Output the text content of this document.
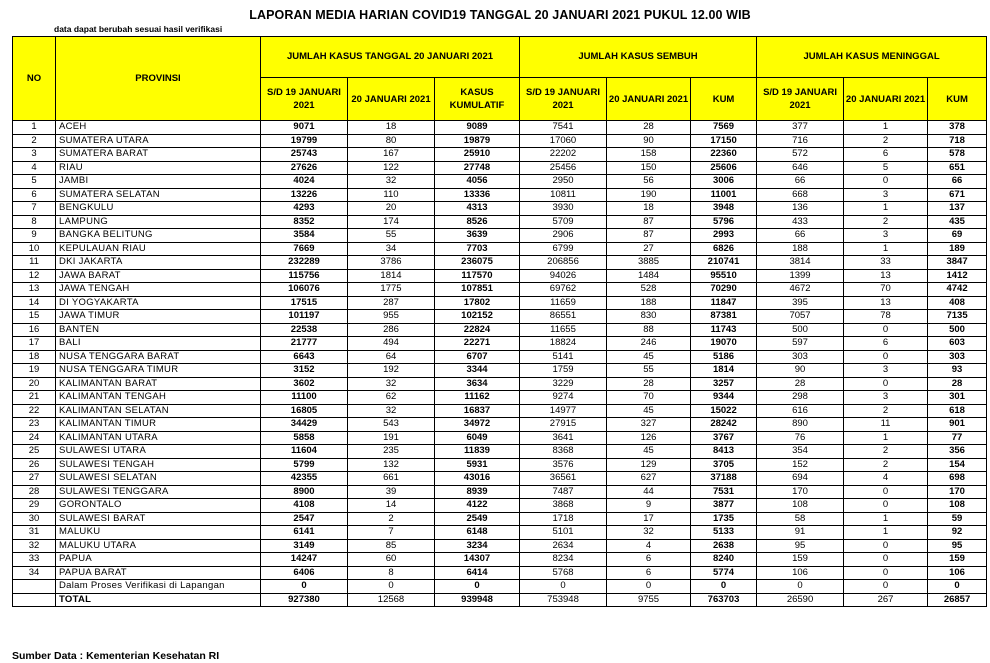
LAPORAN MEDIA HARIAN COVID19 TANGGAL 20 JANUARI 2021 PUKUL 12.00 WIB
data dapat berubah sesuai hasil verifikasi
NO	PROVINSI	JUMLAH KASUS TANGGAL 20 JANUARI 2021			JUMLAH KASUS SEMBUH			JUMLAH KASUS MENINGGAL		
		S/D 19 JANUARI 2021	20 JANUARI 2021	KASUS KUMULATIF	S/D 19 JANUARI 2021	20 JANUARI 2021	KUM	S/D 19 JANUARI 2021	20 JANUARI 2021	KUM
1	ACEH	9071	18	9089	7541	28	7569	377	1	378
2	SUMATERA UTARA	19799	80	19879	17060	90	17150	716	2	718
3	SUMATERA BARAT	25743	167	25910	22202	158	22360	572	6	578
4	RIAU	27626	122	27748	25456	150	25606	646	5	651
5	JAMBI	4024	32	4056	2950	56	3006	66	0	66
6	SUMATERA SELATAN	13226	110	13336	10811	190	11001	668	3	671
7	BENGKULU	4293	20	4313	3930	18	3948	136	1	137
8	LAMPUNG	8352	174	8526	5709	87	5796	433	2	435
9	BANGKA BELITUNG	3584	55	3639	2906	87	2993	66	3	69
10	KEPULAUAN RIAU	7669	34	7703	6799	27	6826	188	1	189
11	DKI JAKARTA	232289	3786	236075	206856	3885	210741	3814	33	3847
12	JAWA BARAT	115756	1814	117570	94026	1484	95510	1399	13	1412
13	JAWA TENGAH	106076	1775	107851	69762	528	70290	4672	70	4742
14	DI YOGYAKARTA	17515	287	17802	11659	188	11847	395	13	408
15	JAWA TIMUR	101197	955	102152	86551	830	87381	7057	78	7135
16	BANTEN	22538	286	22824	11655	88	11743	500	0	500
17	BALI	21777	494	22271	18824	246	19070	597	6	603
18	NUSA TENGGARA BARAT	6643	64	6707	5141	45	5186	303	0	303
19	NUSA TENGGARA TIMUR	3152	192	3344	1759	55	1814	90	3	93
20	KALIMANTAN BARAT	3602	32	3634	3229	28	3257	28	0	28
21	KALIMANTAN TENGAH	11100	62	11162	9274	70	9344	298	3	301
22	KALIMANTAN SELATAN	16805	32	16837	14977	45	15022	616	2	618
23	KALIMANTAN TIMUR	34429	543	34972	27915	327	28242	890	11	901
24	KALIMANTAN UTARA	5858	191	6049	3641	126	3767	76	1	77
25	SULAWESI UTARA	11604	235	11839	8368	45	8413	354	2	356
26	SULAWESI TENGAH	5799	132	5931	3576	129	3705	152	2	154
27	SULAWESI SELATAN	42355	661	43016	36561	627	37188	694	4	698
28	SULAWESI TENGGARA	8900	39	8939	7487	44	7531	170	0	170
29	GORONTALO	4108	14	4122	3868	9	3877	108	0	108
30	SULAWESI BARAT	2547	2	2549	1718	17	1735	58	1	59
31	MALUKU	6141	7	6148	5101	32	5133	91	1	92
32	MALUKU UTARA	3149	85	3234	2634	4	2638	95	0	95
33	PAPUA	14247	60	14307	8234	6	8240	159	0	159
34	PAPUA BARAT	6406	8	6414	5768	6	5774	106	0	106
	Dalam Proses Verifikasi di Lapangan	0	0	0	0	0	0	0	0	0
	TOTAL	927380	12568	939948	753948	9755	763703	26590	267	26857
Sumber Data : Kementerian Kesehatan RI
